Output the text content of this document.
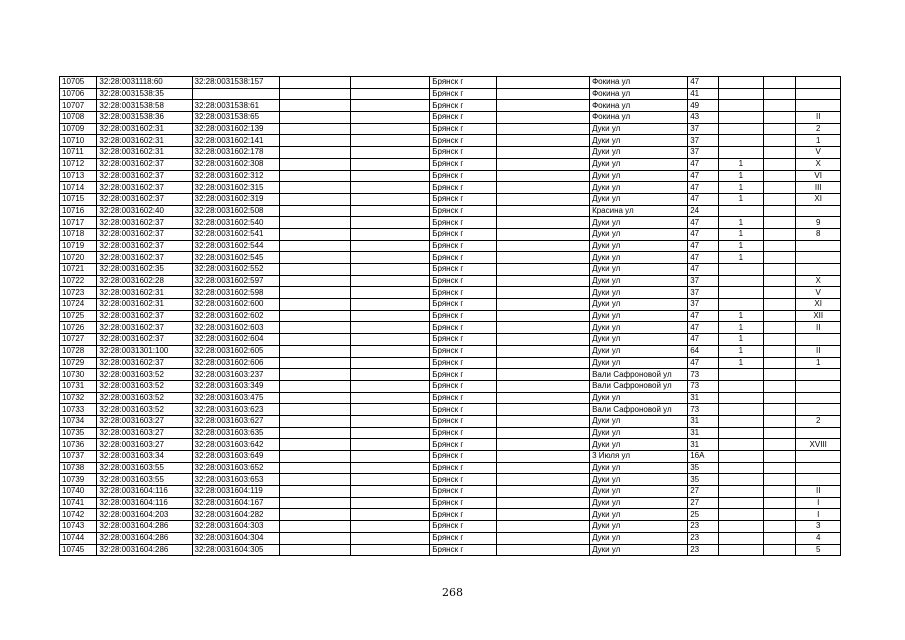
10705	32:28:0031118:60	32:28:0031538:157			Брянск г		Фокина ул	47			
10706	32:28:0031538:35				Брянск г		Фокина ул	41			
10707	32:28:0031538:58	32:28:0031538:61			Брянск г		Фокина ул	49			
10708	32:28:0031538:36	32:28:0031538:65			Брянск г		Фокина ул	43			II
10709	32:28:0031602:31	32:28:0031602:139			Брянск г		Дуки ул	37			2
10710	32:28:0031602:31	32:28:0031602:141			Брянск г		Дуки ул	37			1
10711	32:28:0031602:31	32:28:0031602:178			Брянск г		Дуки ул	37			V
10712	32:28:0031602:37	32:28:0031602:308			Брянск г		Дуки ул	47	1		X
10713	32:28:0031602:37	32:28:0031602:312			Брянск г		Дуки ул	47	1		VI
10714	32:28:0031602:37	32:28:0031602:315			Брянск г		Дуки ул	47	1		III
10715	32:28:0031602:37	32:28:0031602:319			Брянск г		Дуки ул	47	1		XI
10716	32:28:0031602:40	32:28:0031602:508			Брянск г		Красина ул	24			
10717	32:28:0031602:37	32:28:0031602:540			Брянск г		Дуки ул	47	1		9
10718	32:28:0031602:37	32:28:0031602:541			Брянск г		Дуки ул	47	1		8
10719	32:28:0031602:37	32:28:0031602:544			Брянск г		Дуки ул	47	1		
10720	32:28:0031602:37	32:28:0031602:545			Брянск г		Дуки ул	47	1		
10721	32:28:0031602:35	32:28:0031602:552			Брянск г		Дуки ул	47			
10722	32:28:0031602:28	32:28:0031602:597			Брянск г		Дуки ул	37			X
10723	32:28:0031602:31	32:28:0031602:598			Брянск г		Дуки ул	37			V
10724	32:28:0031602:31	32:28:0031602:600			Брянск г		Дуки ул	37			XI
10725	32:28:0031602:37	32:28:0031602:602			Брянск г		Дуки ул	47	1		XII
10726	32:28:0031602:37	32:28:0031602:603			Брянск г		Дуки ул	47	1		II
10727	32:28:0031602:37	32:28:0031602:604			Брянск г		Дуки ул	47	1		
10728	32:28:0031301:100	32:28:0031602:605			Брянск г		Дуки ул	64	1		II
10729	32:28:0031602:37	32:28:0031602:606			Брянск г		Дуки ул	47	1		1
10730	32:28:0031603:52	32:28:0031603:237			Брянск г		Вали Сафроновой ул	73			
10731	32:28:0031603:52	32:28:0031603:349			Брянск г		Вали Сафроновой ул	73			
10732	32:28:0031603:52	32:28:0031603:475			Брянск г		Дуки ул	31			
10733	32:28:0031603:52	32:28:0031603:623			Брянск г		Вали Сафроновой ул	73			
10734	32:28:0031603:27	32:28:0031603:627			Брянск г		Дуки ул	31			2
10735	32:28:0031603:27	32:28:0031603:635			Брянск г		Дуки ул	31			
10736	32:28:0031603:27	32:28:0031603:642			Брянск г		Дуки ул	31			XVIII
10737	32:28:0031603:34	32:28:0031603:649			Брянск г		3 Июля ул	16А			
10738	32:28:0031603:55	32:28:0031603:652			Брянск г		Дуки ул	35			
10739	32:28:0031603:55	32:28:0031603:653			Брянск г		Дуки ул	35			
10740	32:28:0031604:116	32:28:0031604:119			Брянск г		Дуки ул	27			II
10741	32:28:0031604:116	32:28:0031604:167			Брянск г		Дуки ул	27			I
10742	32:28:0031604:203	32:28:0031604:282			Брянск г		Дуки ул	25			I
10743	32:28:0031604:286	32:28:0031604:303			Брянск г		Дуки ул	23			3
10744	32:28:0031604:286	32:28:0031604:304			Брянск г		Дуки ул	23			4
10745	32:28:0031604:286	32:28:0031604:305			Брянск г		Дуки ул	23			5
268
